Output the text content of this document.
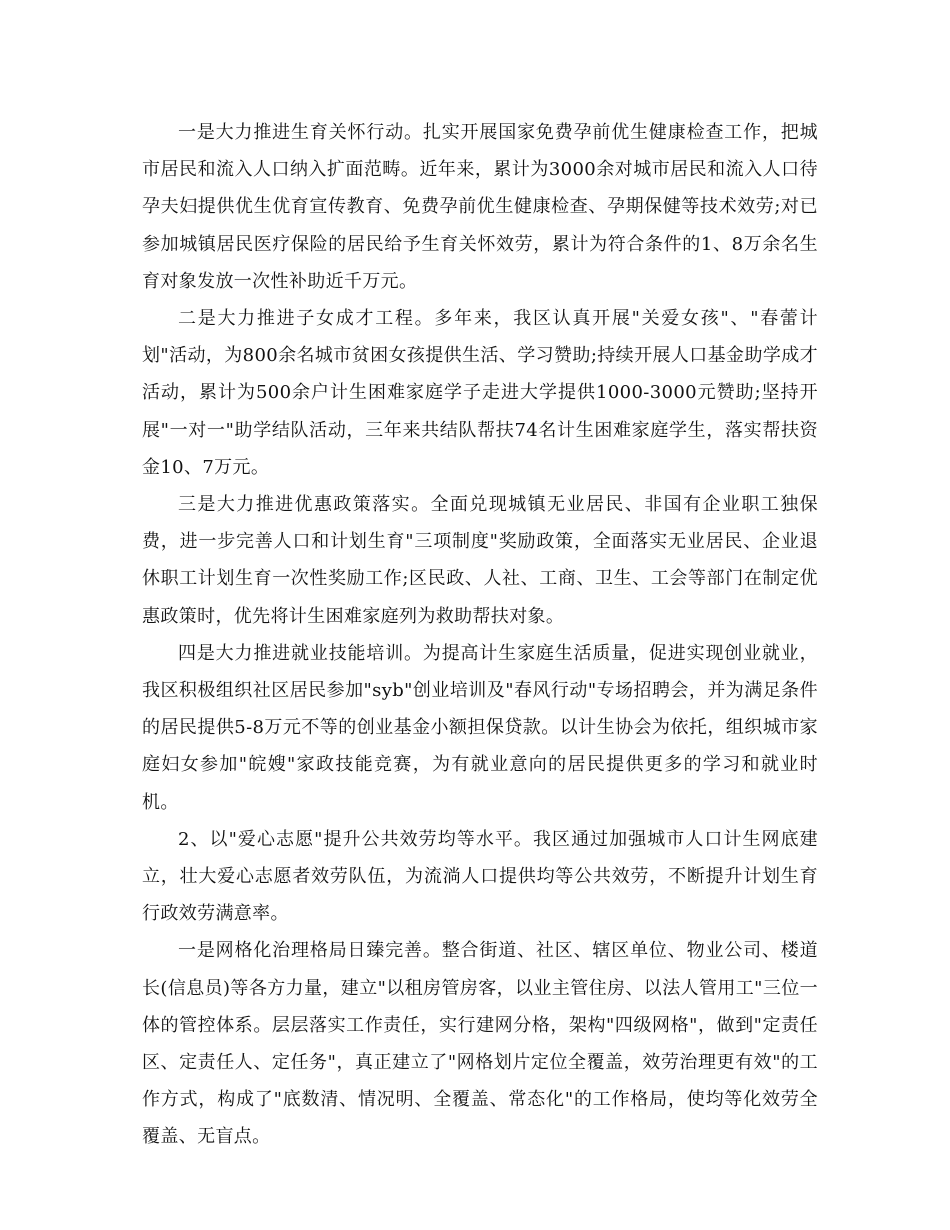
一是大力推进生育关怀行动。扎实开展国家免费孕前优生健康检查工作，把城市居民和流入人口纳入扩面范畴。近年来，累计为3000余对城市居民和流入人口待孕夫妇提供优生优育宣传教育、免费孕前优生健康检查、孕期保健等技术效劳;对已参加城镇居民医疗保险的居民给予生育关怀效劳，累计为符合条件的1、8万余名生育对象发放一次性补助近千万元。

二是大力推进子女成才工程。多年来，我区认真开展"关爱女孩"、"春蕾计划"活动，为800余名城市贫困女孩提供生活、学习赞助;持续开展人口基金助学成才活动，累计为500余户计生困难家庭学子走进大学提供1000-3000元赞助;坚持开展"一对一"助学结队活动，三年来共结队帮扶74名计生困难家庭学生，落实帮扶资金10、7万元。

三是大力推进优惠政策落实。全面兑现城镇无业居民、非国有企业职工独保费，进一步完善人口和计划生育"三项制度"奖励政策，全面落实无业居民、企业退休职工计划生育一次性奖励工作;区民政、人社、工商、卫生、工会等部门在制定优惠政策时，优先将计生困难家庭列为救助帮扶对象。

四是大力推进就业技能培训。为提高计生家庭生活质量，促进实现创业就业，我区积极组织社区居民参加"syb"创业培训及"春风行动"专场招聘会，并为满足条件的居民提供5-8万元不等的创业基金小额担保贷款。以计生协会为依托，组织城市家庭妇女参加"皖嫂"家政技能竞赛，为有就业意向的居民提供更多的学习和就业时机。

2、以"爱心志愿"提升公共效劳均等水平。我区通过加强城市人口计生网底建立，壮大爱心志愿者效劳队伍，为流淌人口提供均等公共效劳，不断提升计划生育行政效劳满意率。

一是网格化治理格局日臻完善。整合街道、社区、辖区单位、物业公司、楼道长(信息员)等各方力量，建立"以租房管房客，以业主管住房、以法人管用工"三位一体的管控体系。层层落实工作责任，实行建网分格，架构"四级网格"，做到"定责任区、定责任人、定任务"，真正建立了"网格划片定位全覆盖，效劳治理更有效"的工作方式，构成了"底数清、情况明、全覆盖、常态化"的工作格局，使均等化效劳全覆盖、无盲点。
